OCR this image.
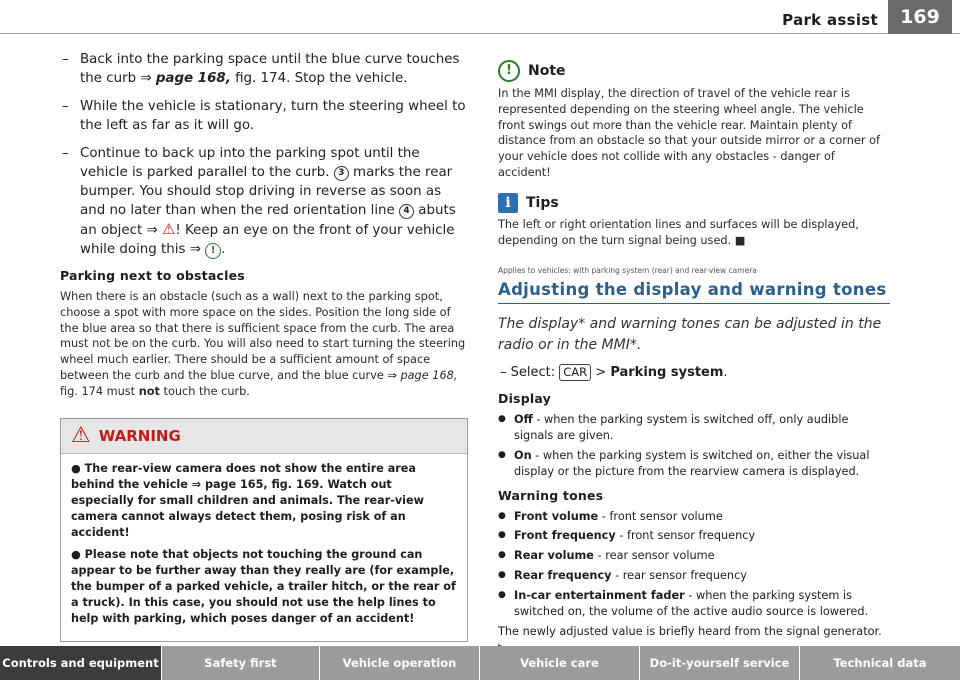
Park assist	169
– Back into the parking space until the blue curve touches the curb ⇒ page 168, fig. 174. Stop the vehicle.
– While the vehicle is stationary, turn the steering wheel to the left as far as it will go.
– Continue to back up into the parking spot until the vehicle is parked parallel to the curb. 3 marks the rear bumper. You should stop driving in reverse as soon as and no later than when the red orientation line 4 abuts an object ⇒ ⚠! Keep an eye on the front of your vehicle while doing this ⇒ ! .
Parking next to obstacles
When there is an obstacle (such as a wall) next to the parking spot, choose a spot with more space on the sides. Position the long side of the blue area so that there is sufficient space from the curb. The area must not be on the curb. You will also need to start turning the steering wheel much earlier. There should be a sufficient amount of space between the curb and the blue curve, and the blue curve ⇒ page 168, fig. 174 must not touch the curb.
⚠ WARNING

● The rear-view camera does not show the entire area behind the vehicle ⇒ page 165, fig. 169. Watch out especially for small children and animals. The rear-view camera cannot always detect them, posing risk of an accident!

● Please note that objects not touching the ground can appear to be further away than they really are (for example, the bumper of a parked vehicle, a trailer hitch, or the rear of a truck). In this case, you should not use the help lines to help with parking, which poses danger of an accident!

!	Note
In the MMI display, the direction of travel of the vehicle rear is represented depending on the steering wheel angle. The vehicle front swings out more than the vehicle rear. Maintain plenty of distance from an obstacle so that your outside mirror or a corner of your vehicle does not collide with any obstacles - danger of accident!
i	Tips
The left or right orientation lines and surfaces will be displayed, depending on the turn signal being used. ■
Applies to vehicles: with parking system (rear) and rear-view camera
Adjusting the display and warning tones
The display* and warning tones can be adjusted in the radio or in the MMI*.
– Select: CAR > Parking system.
Display
● Off - when the parking system is switched off, only audible signals are given.
● On - when the parking system is switched on, either the visual display or the picture from the rearview camera is displayed.
Warning tones
● Front volume - front sensor volume
● Front frequency - front sensor frequency
● Rear volume - rear sensor volume
● Rear frequency - rear sensor frequency
● In-car entertainment fader - when the parking system is switched on, the volume of the active audio source is lowered.
The newly adjusted value is briefly heard from the signal generator.
Controls and equipment	Safety first	Vehicle operation	Vehicle care	Do-it-yourself service	Technical data
